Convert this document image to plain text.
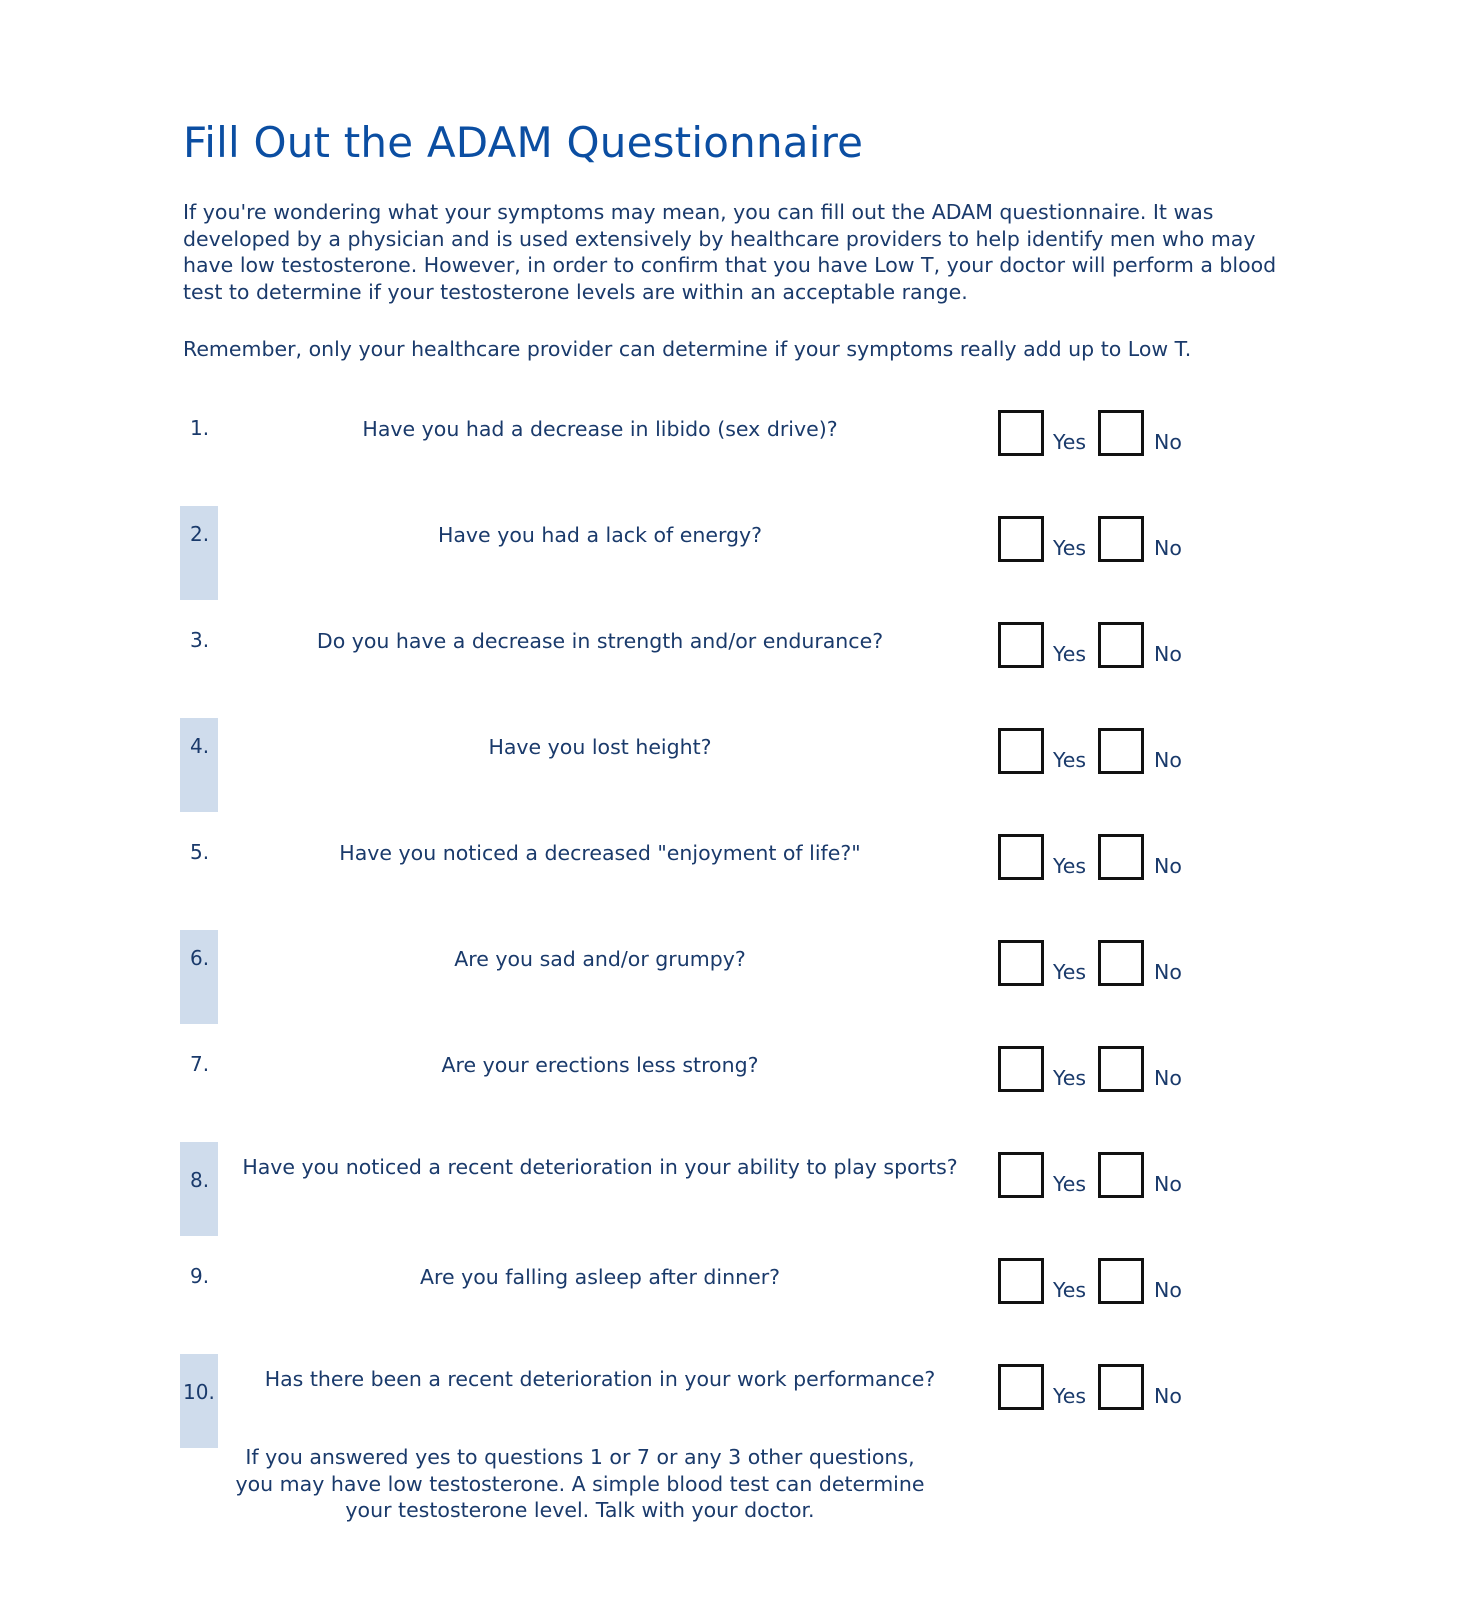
Fill Out the ADAM Questionnaire
If you're wondering what your symptoms may mean, you can fill out the ADAM questionnaire. It was
developed by a physician and is used extensively by healthcare providers to help identify men who may
have low testosterone. However, in order to confirm that you have Low T, your doctor will perform a blood
test to determine if your testosterone levels are within an acceptable range.

Remember, only your healthcare provider can determine if your symptoms really add up to Low T.

1.	Have you had a decrease in libido (sex drive)?
Yes	No
2.	Have you had a lack of energy?
Yes	No
3.	Do you have a decrease in strength and/or endurance?
Yes	No
4.	Have you lost height?
Yes	No
5.	Have you noticed a decreased "enjoyment of life?"
Yes	No
6.	Are you sad and/or grumpy?
Yes	No
7.	Are your erections less strong?
Yes	No
8.
Have you noticed a recent deterioration in your ability to play sports?
Yes	No
9.	Are you falling asleep after dinner?
Yes	No
10.
Has there been a recent deterioration in your work performance?
Yes	No
If you answered yes to questions 1 or 7 or any 3 other questions,
you may have low testosterone. A simple blood test can determine
your testosterone level. Talk with your doctor.
